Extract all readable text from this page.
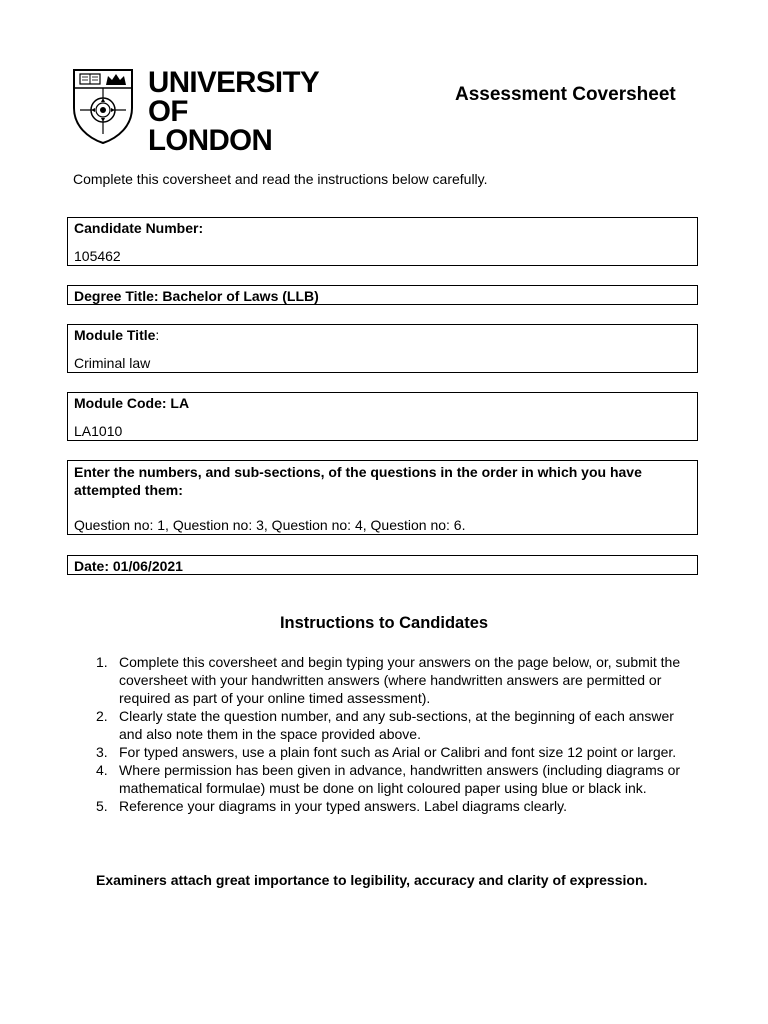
UNIVERSITY
OF LONDON
Assessment Coversheet
Complete this coversheet and read the instructions below carefully.
Candidate Number:
105462
Degree Title: Bachelor of Laws (LLB)
Module Title:
Criminal law
Module Code: LA
LA1010
Enter the numbers, and sub-sections, of the questions in the order in which you have attempted them:
Question no: 1, Question no: 3, Question no: 4, Question no: 6.
Date: 01/06/2021
Instructions to Candidates
1. Complete this coversheet and begin typing your answers on the page below, or, submit the coversheet with your handwritten answers (where handwritten answers are permitted or required as part of your online timed assessment).
2. Clearly state the question number, and any sub-sections, at the beginning of each answer and also note them in the space provided above.
3. For typed answers, use a plain font such as Arial or Calibri and font size 12 point or larger.
4. Where permission has been given in advance, handwritten answers (including diagrams or mathematical formulae) must be done on light coloured paper using blue or black ink.
5. Reference your diagrams in your typed answers. Label diagrams clearly.
Examiners attach great importance to legibility, accuracy and clarity of expression.
